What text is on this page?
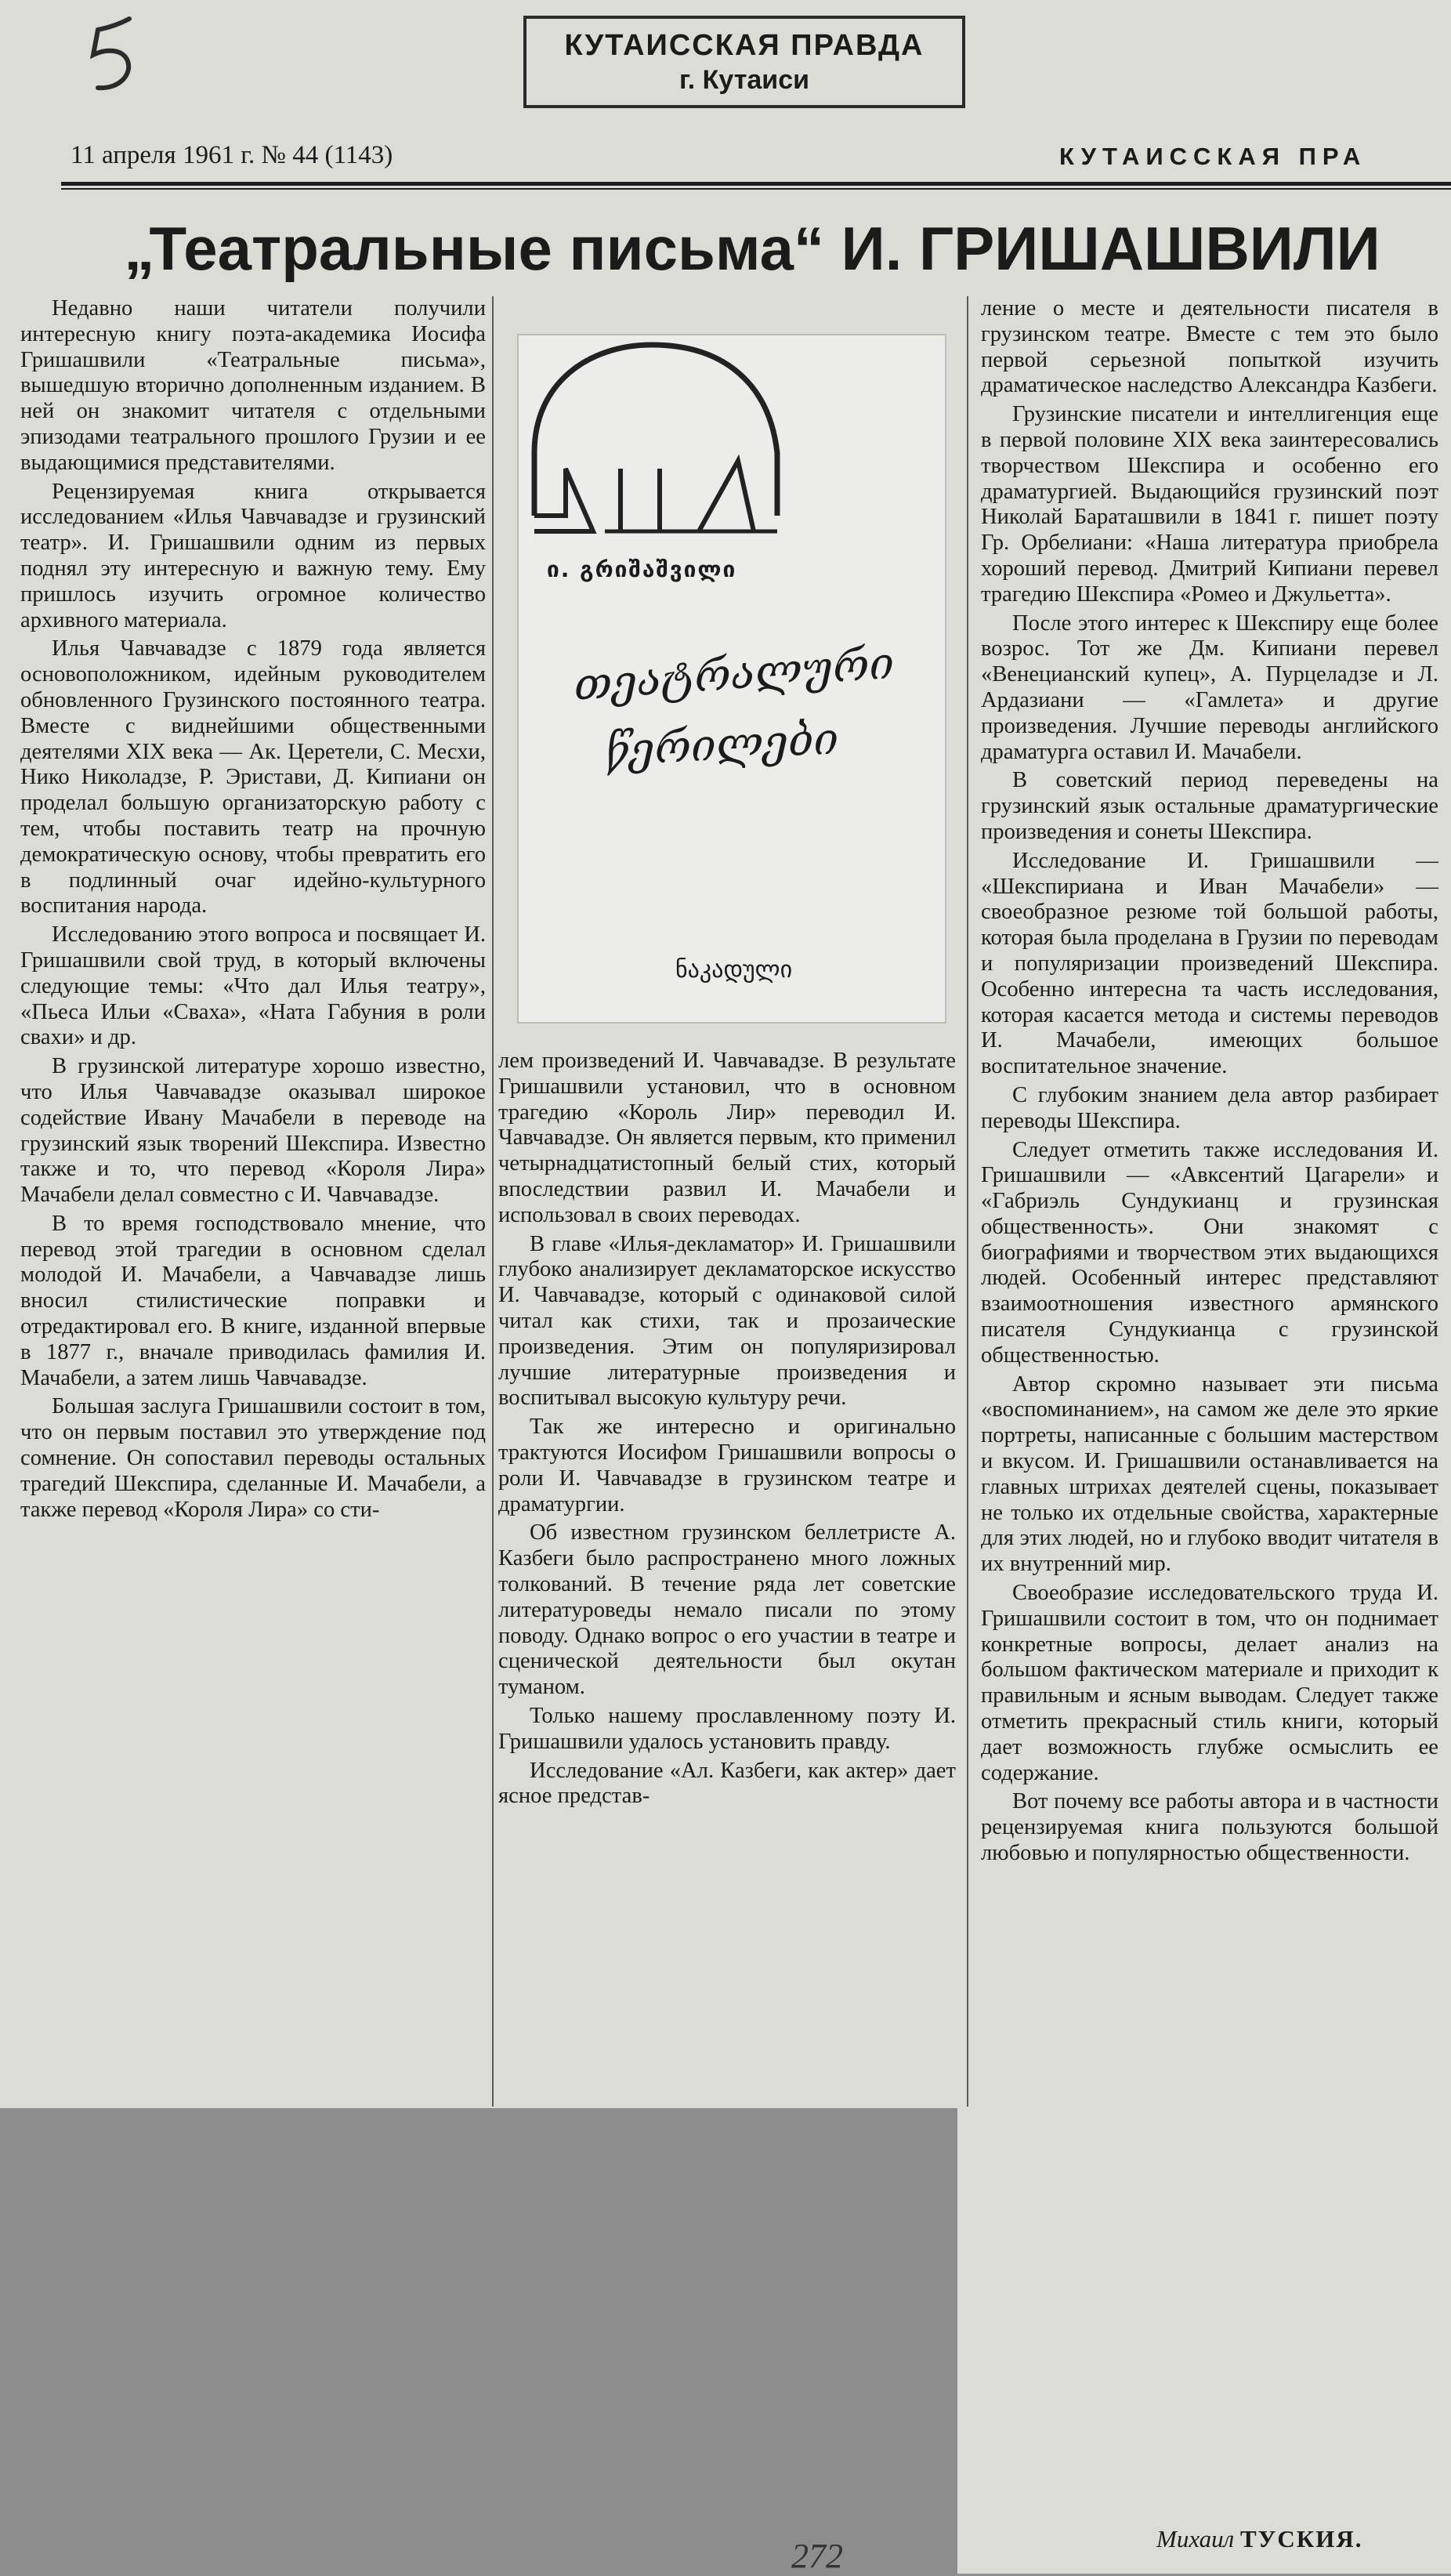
КУТАИССКАЯ ПРАВДА
г. Кутаиси
11 апреля 1961 г. № 44 (1143)	КУТАИССКАЯ ПРА
„Театральные письма“ И. ГРИШАШВИЛИ

Недавно наши читатели получили интересную книгу поэта-академика Иосифа Гришашвили «Театральные письма», вышедшую вторично дополненным изданием. В ней он знакомит читателя с отдельными эпизодами театрального прошлого Грузии и ее выдающимися представителями.

Рецензируемая книга открывается исследованием «Илья Чавчавадзе и грузинский театр». И. Гришашвили одним из первых поднял эту интересную и важную тему. Ему пришлось изучить огромное количество архивного материала.

Илья Чавчавадзе с 1879 года является основоположником, идейным руководителем обновленного Грузинского постоянного театра. Вместе с виднейшими общественными деятелями XIX века — Ак. Церетели, С. Месхи, Нико Николадзе, Р. Эристави, Д. Кипиани он проделал большую организаторскую работу с тем, чтобы поставить театр на прочную демократическую основу, чтобы превратить его в подлинный очаг идейно-культурного воспитания народа.

Исследованию этого вопроса и посвящает И. Гришашвили свой труд, в который включены следующие темы: «Что дал Илья театру», «Пьеса Ильи «Сваха», «Ната Габуния в роли свахи» и др.

В грузинской литературе хорошо известно, что Илья Чавчавадзе оказывал широкое содействие Ивану Мачабели в переводе на грузинский язык творений Шекспира. Известно также и то, что перевод «Короля Лира» Мачабели делал совместно с И. Чавчавадзе.

В то время господствовало мнение, что перевод этой трагедии в основном сделал молодой И. Мачабели, а Чавчавадзе лишь вносил стилистические поправки и отредактировал его. В книге, изданной впервые в 1877 г., вначале приводилась фамилия И. Мачабели, а затем лишь Чавчавадзе.

Большая заслуга Гришашвили состоит в том, что он первым поставил это утверждение под сомнение. Он сопоставил переводы остальных трагедий Шекспира, сделанные И. Мачабели, а также перевод «Короля Лира» со сти-

ი. გრიშაშვილი
თეატრალური
წერილები
ნაკადული

лем произведений И. Чавчавадзе. В результате Гришашвили установил, что в основном трагедию «Король Лир» переводил И. Чавчавадзе. Он является первым, кто применил четырнадцатистопный белый стих, который впоследствии развил И. Мачабели и использовал в своих переводах.

В главе «Илья-декламатор» И. Гришашвили глубоко анализирует декламаторское искусство И. Чавчавадзе, который с одинаковой силой читал как стихи, так и прозаические произведения. Этим он популяризировал лучшие литературные произведения и воспитывал высокую культуру речи.

Так же интересно и оригинально трактуются Иосифом Гришашвили вопросы о роли И. Чавчавадзе в грузинском театре и драматургии.

Об известном грузинском беллетристе А. Казбеги было распространено много ложных толкований. В течение ряда лет советские литературоведы немало писали по этому поводу. Однако вопрос о его участии в театре и сценической деятельности был окутан туманом.

Только нашему прославленному поэту И. Гришашвили удалось установить правду.

Исследование «Ал. Казбеги, как актер» дает ясное представ-

ление о месте и деятельности писателя в грузинском театре. Вместе с тем это было первой серьезной попыткой изучить драматическое наследство Александра Казбеги.

Грузинские писатели и интеллигенция еще в первой половине XIX века заинтересовались творчеством Шекспира и особенно его драматургией. Выдающийся грузинский поэт Николай Бараташвили в 1841 г. пишет поэту Гр. Орбелиани: «Наша литература приобрела хороший перевод. Дмитрий Кипиани перевел трагедию Шекспира «Ромео и Джульетта».

После этого интерес к Шекспиру еще более возрос. Тот же Дм. Кипиани перевел «Венецианский купец», А. Пурцеладзе и Л. Ардазиани — «Гамлета» и другие произведения. Лучшие переводы английского драматурга оставил И. Мачабели.

В советский период переведены на грузинский язык остальные драматургические произведения и сонеты Шекспира.

Исследование И. Гришашвили — «Шекспириана и Иван Мачабели» — своеобразное резюме той большой работы, которая была проделана в Грузии по переводам и популяризации произведений Шекспира. Особенно интересна та часть исследования, которая касается метода и системы переводов И. Мачабели, имеющих большое воспитательное значение.

С глубоким знанием дела автор разбирает переводы Шекспира.

Следует отметить также исследования И. Гришашвили — «Авксентий Цагарели» и «Габриэль Сундукианц и грузинская общественность». Они знакомят с биографиями и творчеством этих выдающихся людей. Особенный интерес представляют взаимоотношения известного армянского писателя Сундукианца с грузинской общественностью.

Автор скромно называет эти письма «воспоминанием», на самом же деле это яркие портреты, написанные с большим мастерством и вкусом. И. Гришашвили останавливается на главных штрихах деятелей сцены, показывает не только их отдельные свойства, характерные для этих людей, но и глубоко вводит читателя в их внутренний мир.

Своеобразие исследовательского труда И. Гришашвили состоит в том, что он поднимает конкретные вопросы, делает анализ на большом фактическом материале и приходит к правильным и ясным выводам. Следует также отметить прекрасный стиль книги, который дает возможность глубже осмыслить ее содержание.

Вот почему все работы автора и в частности рецензируемая книга пользуются большой любовью и популярностью общественности.

Михаил ТУСКИЯ.
272
